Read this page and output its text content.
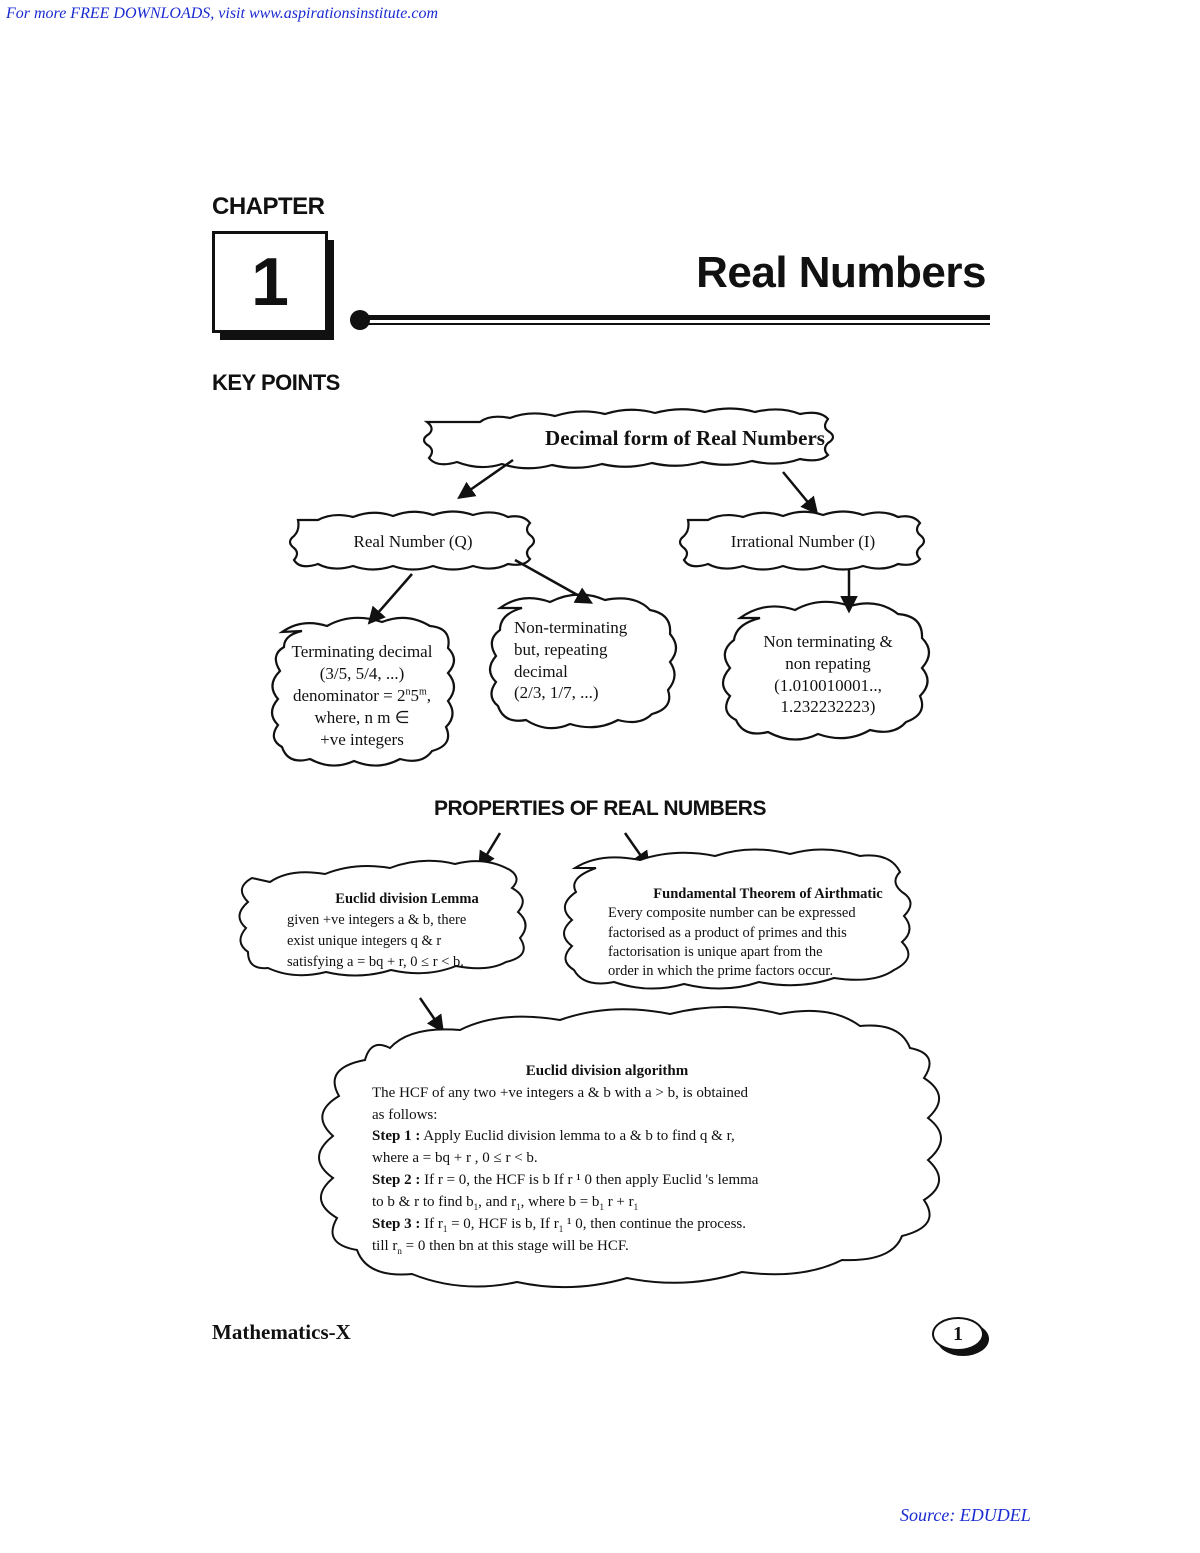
For more FREE DOWNLOADS, visit www.aspirationsinstitute.com
CHAPTER
1	Real Numbers
KEY POINTS
Decimal form of Real Numbers
Real Number (Q)	Irrational Number (I)
Terminating decimal
(3/5, 5/4, ...)
denominator = $2^n5^m$,
where, n m ∈
+ve integers
Non-terminating
but, repeating
decimal
(2/3, 1/7, ...)
Non terminating &
non repating
(1.010010001..,
1.232232223)
PROPERTIES OF REAL NUMBERS
Euclid division Lemma
given +ve integers a & b, there
exist unique integers q & r
satisfying a = bq + r, 0 ≤ r < b.
Fundamental Theorem of Airthmatic
Every composite number can be expressed
factorised as a product of primes and this
factorisation is unique apart from the
order in which the prime factors occur.
Euclid division algorithm
The HCF of any two +ve integers a & b with a > b, is obtained
as follows:
Step 1 : Apply Euclid division lemma to a & b to find q & r,
where a = bq + r , 0 ≤ r < b.
Step 2 : If r = 0, the HCF is b If r ¹ 0 then apply Euclid 's lemma
to b & r to find $b_1$, and $r_1$, where $b = b_1$ $r + r_1$
Step 3 : If $r_1 = 0$, HCF is b, If $r_1$ ¹ 0, then continue the process.
till $r_n = 0$ then bn at this stage will be HCF.
Mathematics-X	1
Source: EDUDEL
